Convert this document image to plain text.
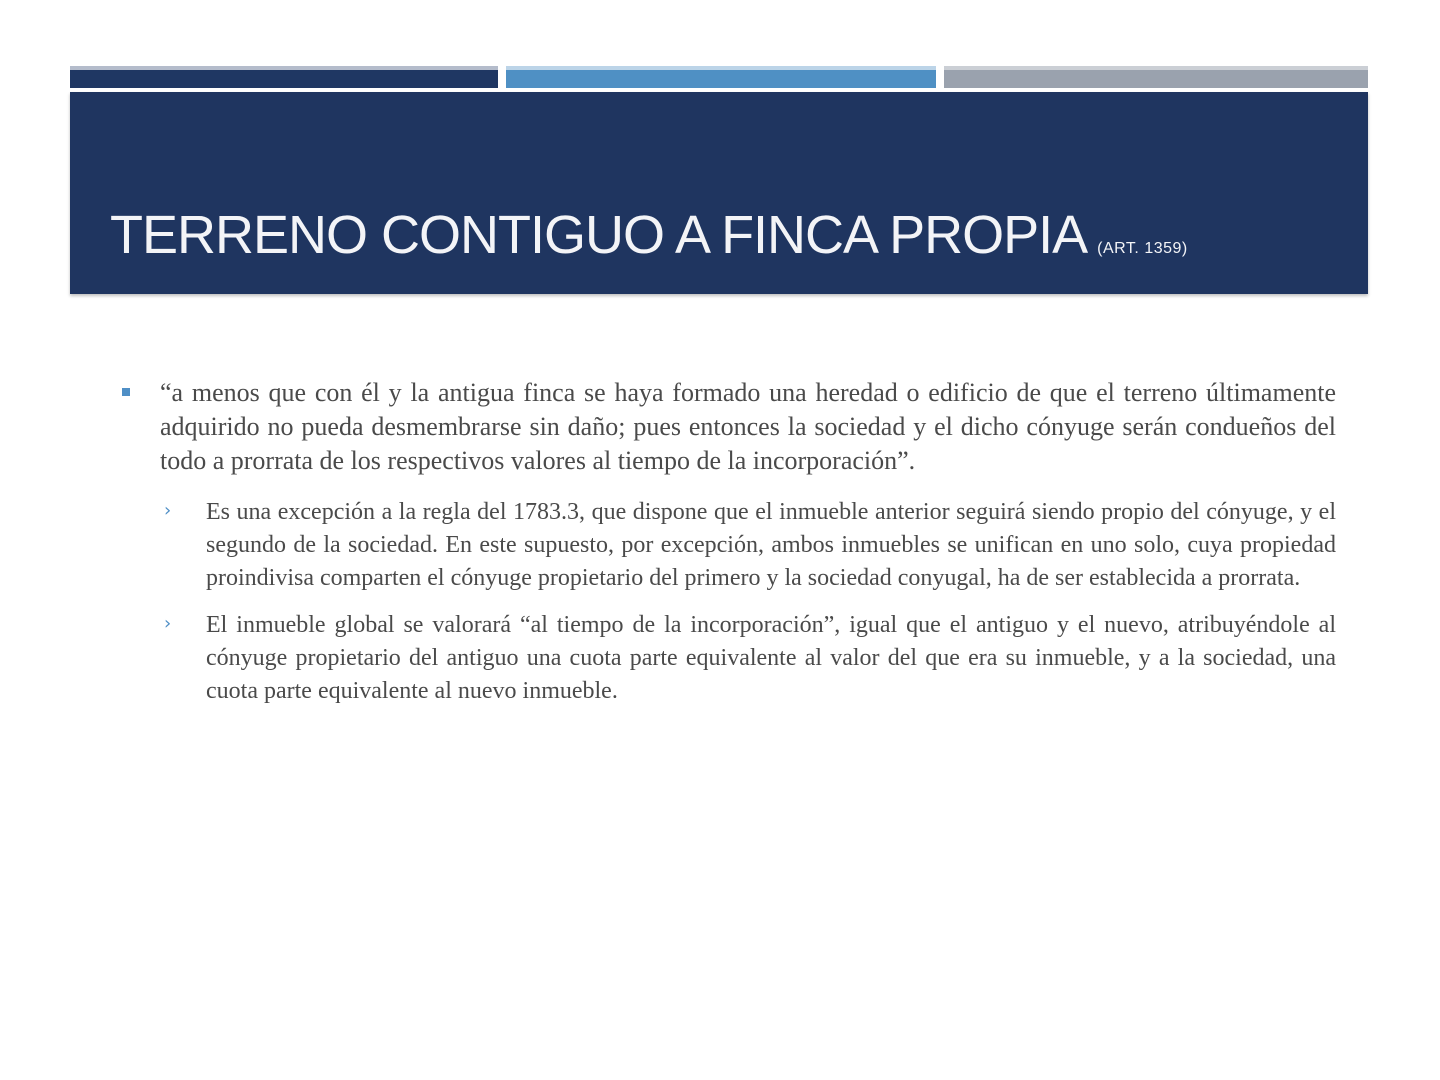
TERRENO CONTIGUO A FINCA PROPIA (ART. 1359)

“a menos que con él y la antigua finca se haya formado una heredad o edificio de que el terreno últimamente adquirido no pueda desmembrarse sin daño; pues entonces la sociedad y el dicho cónyuge serán condueños del todo a prorrata de los respectivos valores al tiempo de la incorporación”.

› Es una excepción a la regla del 1783.3, que dispone que el inmueble anterior seguirá siendo propio del cónyuge, y el segundo de la sociedad. En este supuesto, por excepción, ambos inmuebles se unifican en uno solo, cuya propiedad proindivisa comparten el cónyuge propietario del primero y la sociedad conyugal, ha de ser establecida a prorrata.

› El inmueble global se valorará “al tiempo de la incorporación”, igual que el antiguo y el nuevo, atribuyéndole al cónyuge propietario del antiguo una cuota parte equivalente al valor del que era su inmueble, y a la sociedad, una cuota parte equivalente al nuevo inmueble.
